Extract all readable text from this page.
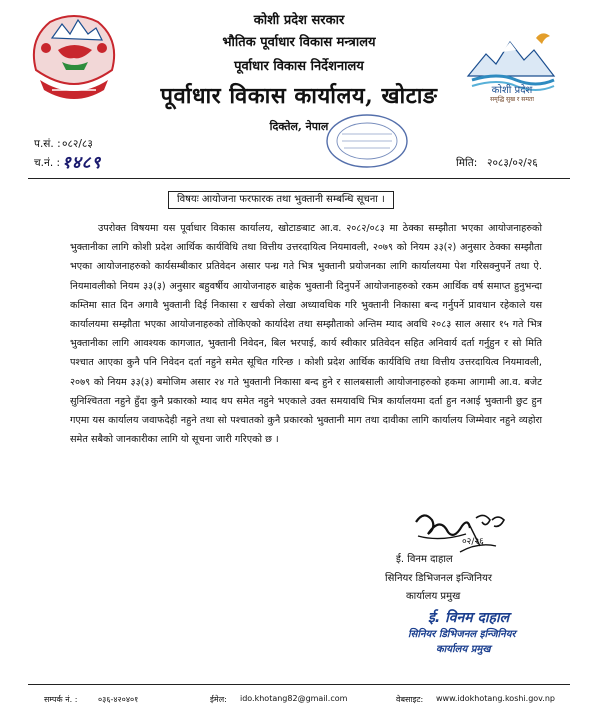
कोशी प्रदेश
समृद्धि सुख र समता
कोशी प्रदेश सरकार
भौतिक पूर्वाधार विकास मन्त्रालय
पूर्वाधार विकास निर्देशनालय
पूर्वाधार विकास कार्यालय, खोटाङ
दिक्तेल, नेपाल
प.सं. : ०८२/८३
च.नं. : १४८९	मिति: २०८३/०२/२६
विषयः आयोजना फरफारक तथा भुक्तानी सम्बन्धि सूचना ।
उपरोक्त विषयमा यस पूर्वाधार विकास कार्यालय, खोटाङबाट आ.व. २०८२/०८३ मा ठेक्का सम्झौता भएका आयोजनाहरुको भुक्तानीका लागि कोशी प्रदेश आर्थिक कार्यविधि तथा वित्तीय उत्तरदायित्व नियमावली, २०७९ को नियम ३३(२) अनुसार ठेक्का सम्झौता भएका आयोजनाहरुको कार्यसम्बीकार प्रतिवेदन असार पन्ध्र गते भित्र भुक्तानी प्रयोजनका लागि कार्यालयमा पेश गरिसक्नुपर्ने तथा ऐ. नियमावलीको नियम ३३(३) अनुसार बहुवर्षीय आयोजनाहरु बाहेक भुक्तानी दिनुपर्ने आयोजनाहरुको रकम आर्थिक वर्ष समाप्त हुनुभन्दा कम्तिमा सात दिन अगावै भुक्तानी दिई निकासा र खर्चको लेखा अध्यावधिक गरि भुक्तानी निकासा बन्द गर्नुपर्ने प्रावधान रहेकाले यस कार्यालयमा सम्झौता भएका आयोजनाहरुको तोकिएको कार्यादेश तथा सम्झौताको अन्तिम म्याद अवधि २०८३ साल असार १५ गते भित्र भुक्तानीका लागि आवश्यक कागजात, भुक्तानी निवेदन, बिल भरपाई, कार्य स्वीकार प्रतिवेदन सहित अनिवार्य दर्ता गर्नुहुन र सो मिति पश्चात आएका कुनै पनि निवेदन दर्ता नहुने समेत सूचित गरिन्छ । कोशी प्रदेश आर्थिक कार्यविधि तथा वित्तीय उत्तरदायित्व नियमावली, २०७९ को नियम ३३(३) बमोजिम असार २४ गते भुक्तानी निकासा बन्द हुने र सालबसाली आयोजनाहरुको हकमा आगामी आ.व. बजेट सुनिश्चितता नहुने हुँदा कुनै प्रकारको म्याद थप समेत नहुने भएकाले उक्त समयावधि भित्र कार्यालयमा दर्ता हुन नआई भुक्तानी छुट हुन गएमा यस कार्यालय जवाफदेही नहुने तथा सो पश्चातको कुनै प्रकारको भुक्तानी माग तथा दावीका लागि कार्यालय जिम्मेवार नहुने व्यहोरा समेत सबैको जानकारीका लागि यो सूचना जारी गरिएको छ ।
०२/२६
ई. विनम दाहाल
सिनियर डिभिजनल इन्जिनियर
कार्यालय प्रमुख
ई. विनम दाहाल
सिनियर डिभिजनल इन्जिनियर
कार्यालय प्रमुख
सम्पर्क नं. :	०३६-४२०४०१	ईमेल: ido.khotang82@gmail.com	वेबसाइट: www.idokhotang.koshi.gov.np
